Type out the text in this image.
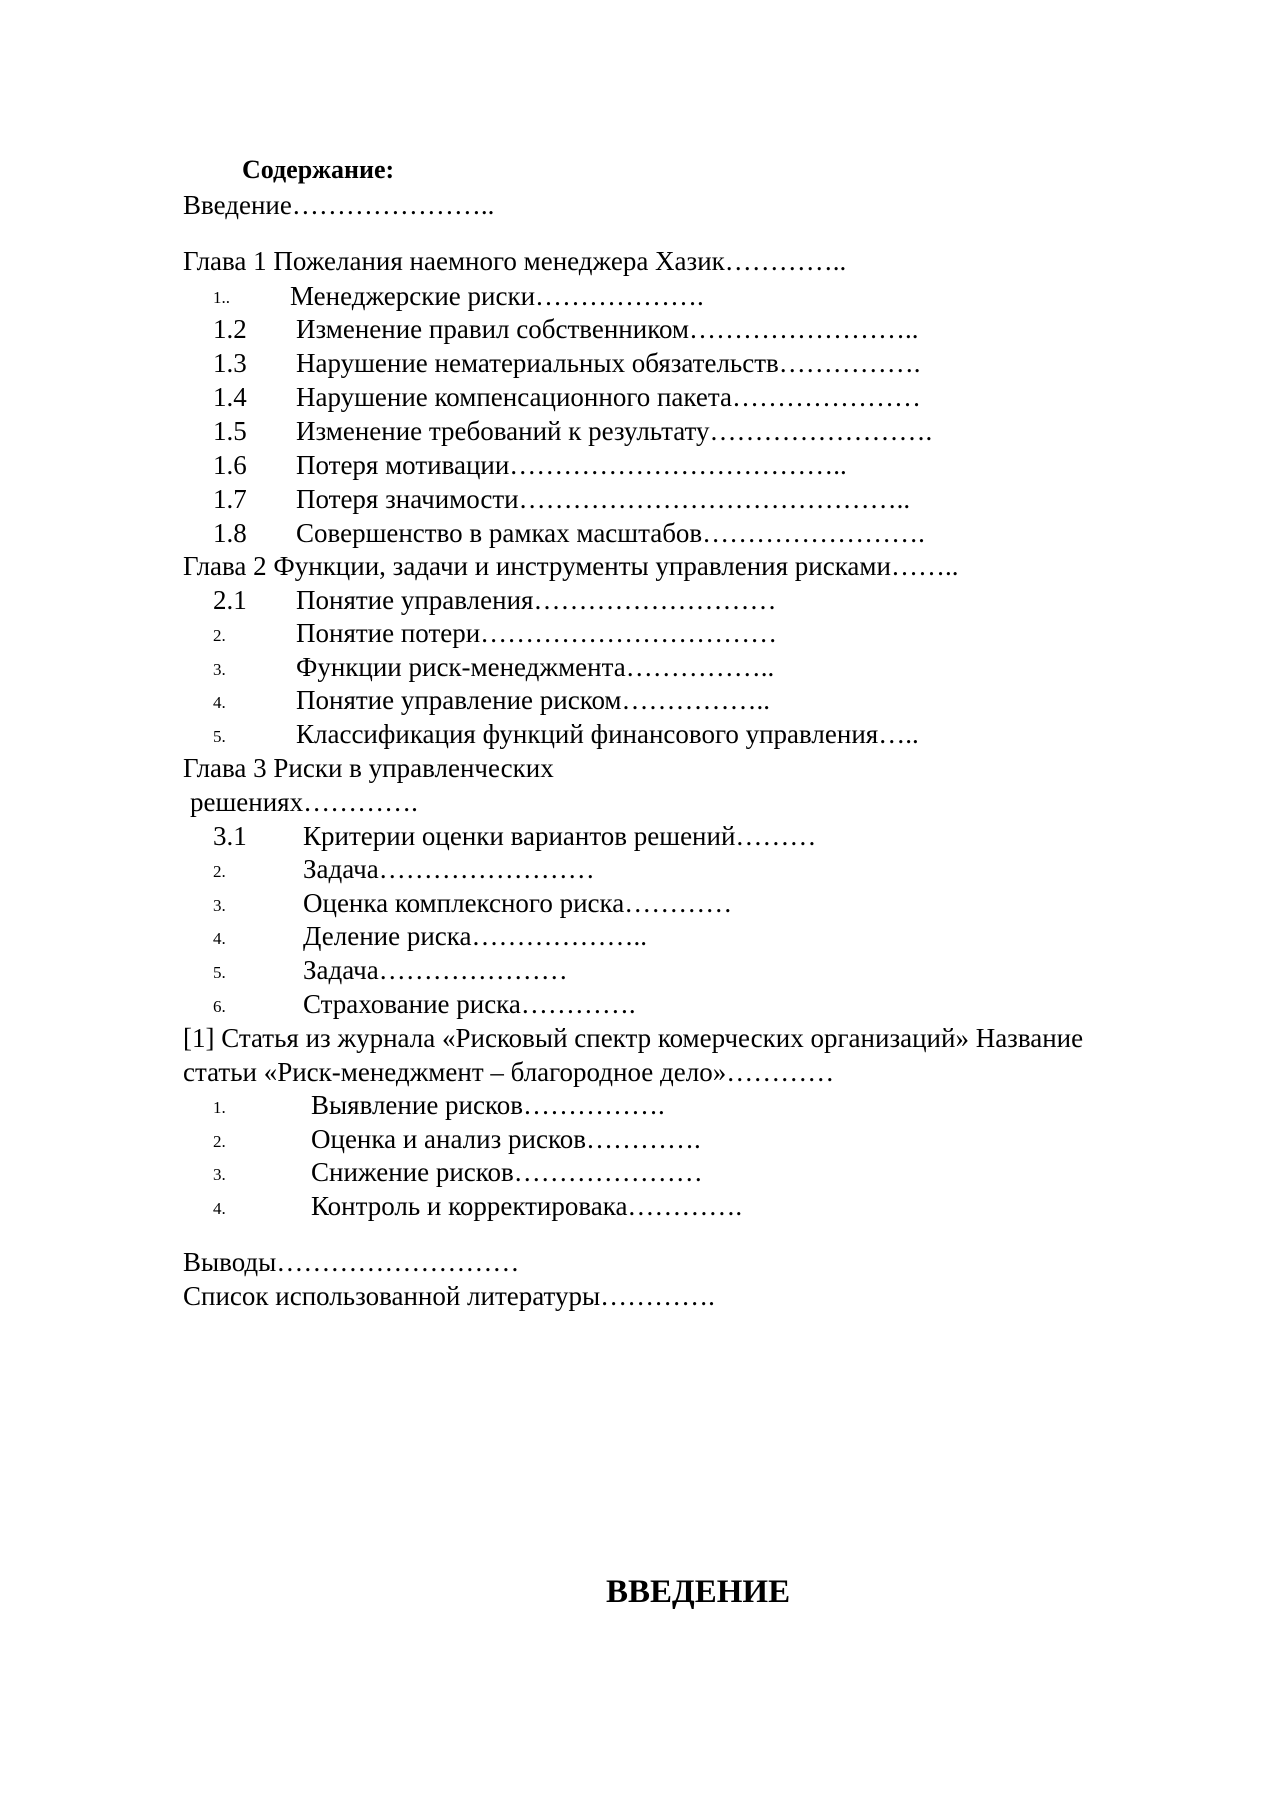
Содержание:
Введение…………………..
Глава 1 Пожелания наемного менеджера Хазик…………..
1.. Менеджерские риски……………….
1.2 Изменение правил собственником……………………..
1.3 Нарушение нематериальных обязательств…………….
1.4 Нарушение компенсационного пакета…………………
1.5 Изменение требований к результату…………………….
1.6 Потеря мотивации………………………………..
1.7 Потеря значимости……………………………………..
1.8 Совершенство в рамках масштабов…………………….
Глава 2 Функции, задачи и инструменты управления рисками……..
2.1 Понятие управления………………………
2.	Понятие потери……………………………
3.	Функции риск-менеджмента……………..
4.	Понятие управление риском……………..
5.	Классификация функций финансового управления…..
Глава 3 Риски в управленческих
решениях………….
3.1 Критерии оценки вариантов решений………
2.	Задача……………………
3.	Оценка комплексного риска…………
4.	Деление риска………………..
5.	Задача…………………
6.	Страхование риска………….
[1] Статья из журнала «Рисковый спектр комерческих организаций» Название
статьи «Риск-менеджмент – благородное дело»…………
1.	Выявление рисков…………….
2.	Оценка и анализ рисков………….
3.	Снижение рисков…………………
4.	Контроль и корректировака………….
Выводы………………………
Список использованной литературы………….
ВВЕДЕНИЕ
